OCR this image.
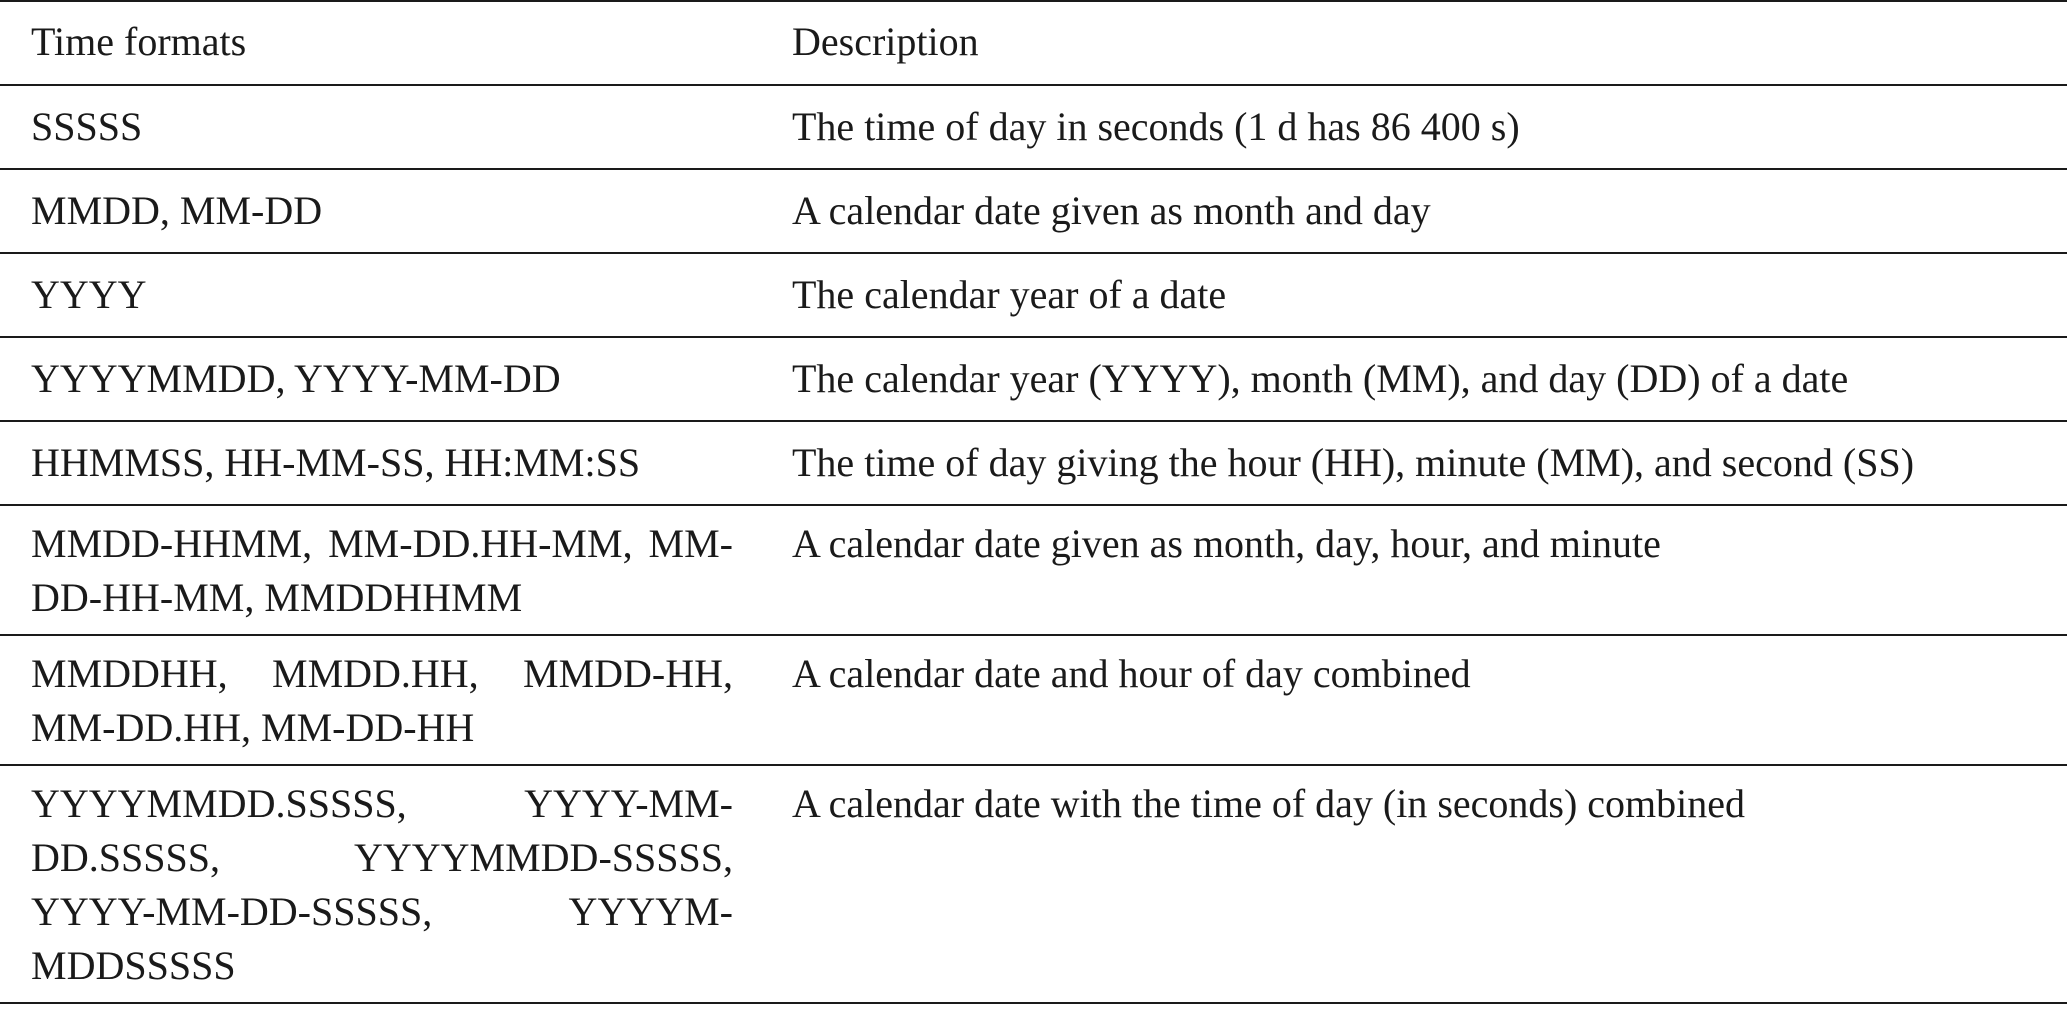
Time formats	Description
SSSSS	The time of day in seconds (1 d has 86 400 s)
MMDD, MM-DD	A calendar date given as month and day
YYYY	The calendar year of a date
YYYYMMDD, YYYY-MM-DD	The calendar year (YYYY), month (MM), and day (DD) of a date
HHMMSS, HH-MM-SS, HH:MM:SS	The time of day giving the hour (HH), minute (MM), and second (SS)
MMDD-HHMM, MM-DD.HH-MM, MM-DD-HH-MM, MMDDHHMM	A calendar date given as month, day, hour, and minute
MMDDHH, MMDD.HH, MMDD-HH, MM-DD.HH, MM-DD-HH	A calendar date and hour of day combined
YYYYMMDD.SSSSS, YYYY-MM-DD.SSSSS, YYYYMMDD-SSSSS, YYYY-MM-DD-SSSSS, YYYYM-MDDSSSSS	A calendar date with the time of day (in seconds) combined
